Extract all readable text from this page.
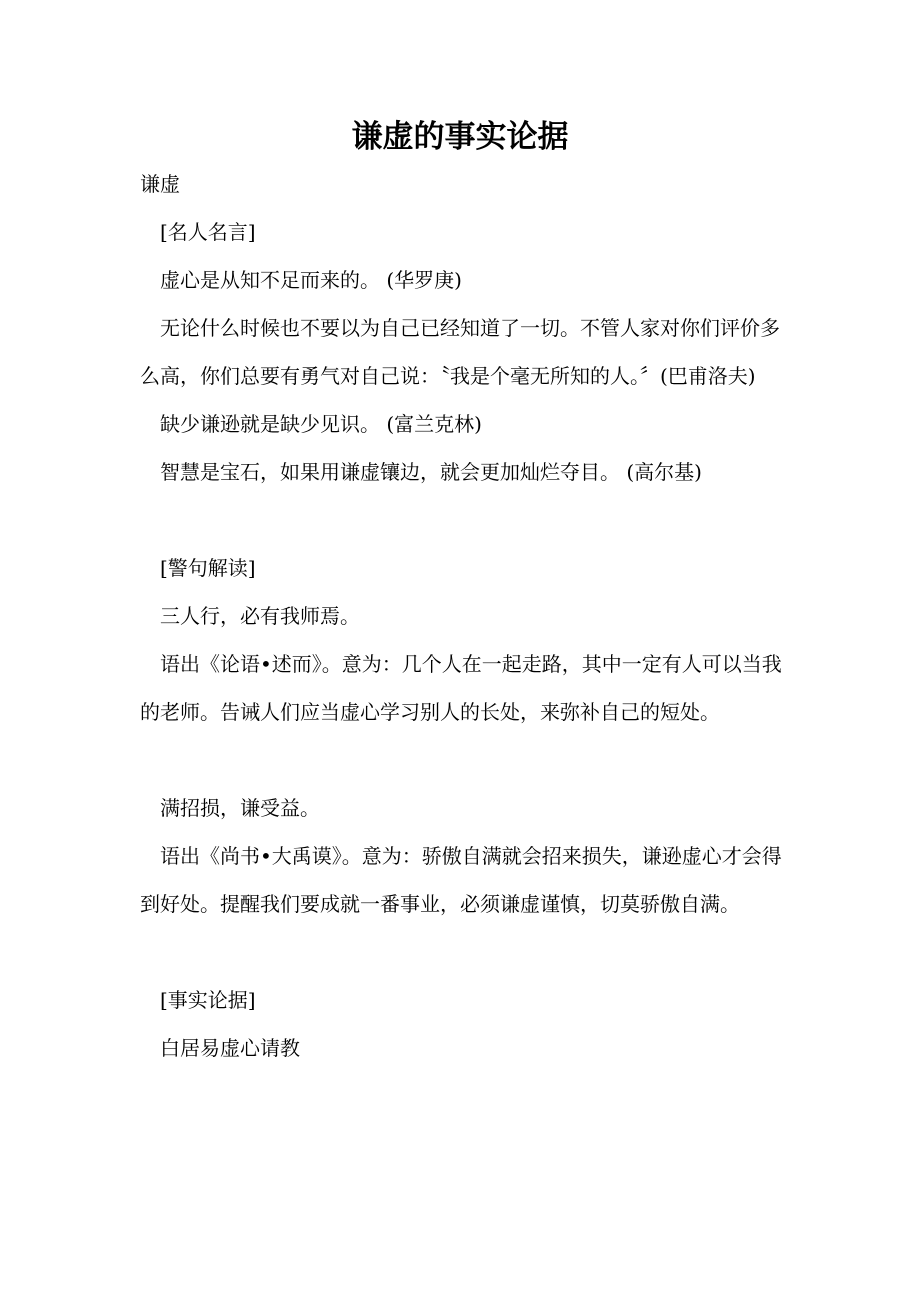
谦虚的事实论据

谦虚

[名人名言]

虚心是从知不足而来的。 (华罗庚)

无论什么时候也不要以为自己已经知道了一切。不管人家对你们评价多么高，你们总要有勇气对自己说：〝我是个毫无所知的人。〞(巴甫洛夫)

缺少谦逊就是缺少见识。 (富兰克林)

智慧是宝石，如果用谦虚镶边，就会更加灿烂夺目。 (高尔基)

[警句解读]

三人行，必有我师焉。

语出《论语•述而》。意为：几个人在一起走路，其中一定有人可以当我的老师。告诫人们应当虚心学习别人的长处，来弥补自己的短处。

满招损，谦受益。

语出《尚书•大禹谟》。意为：骄傲自满就会招来损失，谦逊虚心才会得到好处。提醒我们要成就一番事业，必须谦虚谨慎，切莫骄傲自满。

[事实论据]

白居易虚心请教
